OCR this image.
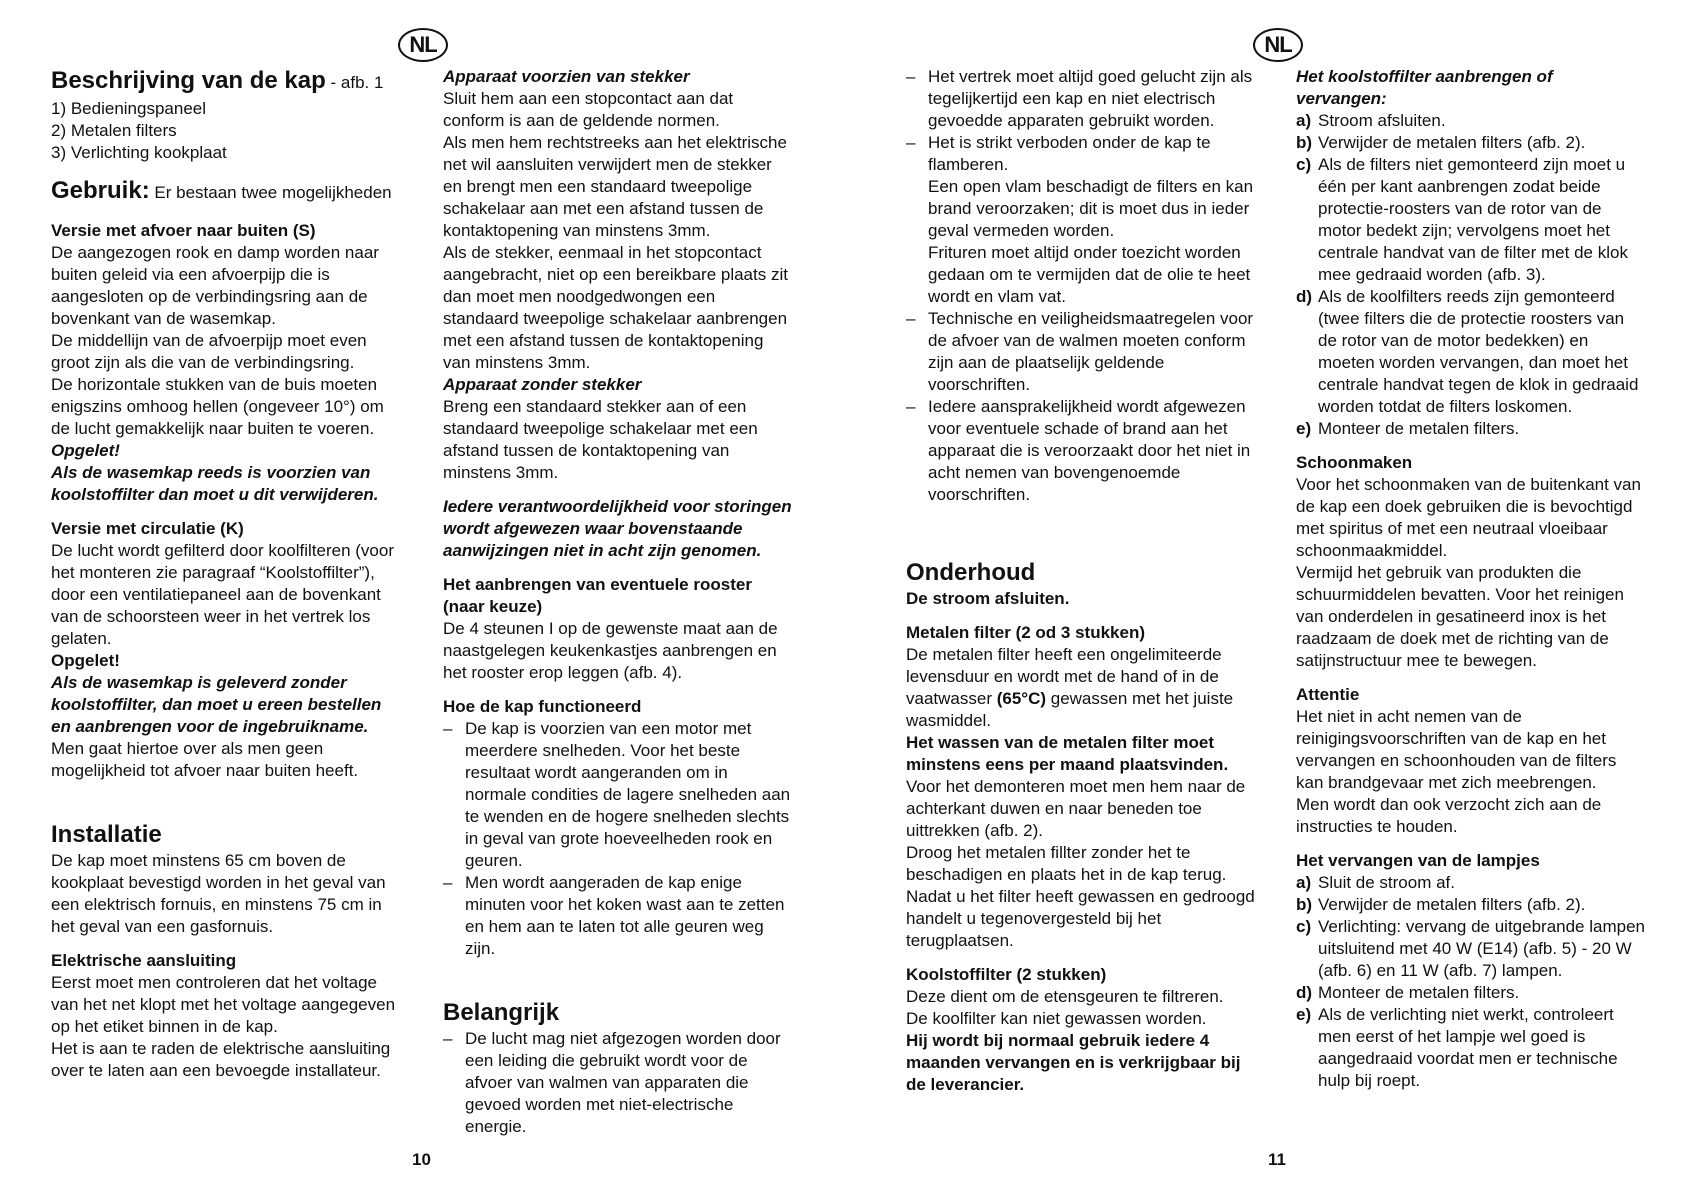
NL

Beschrijving van de kap - afb. 1

1) Bedieningspaneel

2) Metalen filters

3) Verlichting kookplaat

Gebruik: Er bestaan twee mogelijkheden

Versie met afvoer naar buiten (S)

De aangezogen rook en damp worden naar buiten geleid via een afvoerpijp die is aangesloten op de verbindingsring aan de bovenkant van de wasemkap.

De middellijn van de afvoerpijp moet even groot zijn als die van de verbindingsring.

De horizontale stukken van de buis moeten enigszins omhoog hellen (ongeveer 10°) om de lucht gemakkelijk naar buiten te voeren.

Opgelet!

Als de wasemkap reeds is voorzien van koolstoffilter dan moet u dit verwijderen.

Versie met circulatie (K)

De lucht wordt gefilterd door koolfilteren (voor het monteren zie paragraaf “Koolstoffilter”), door een ventilatiepaneel aan de bovenkant van de schoorsteen weer in het vertrek los gelaten.

Opgelet!

Als de wasemkap is geleverd zonder koolstoffilter, dan moet u ereen bestellen en aanbrengen voor de ingebruikname.

Men gaat hiertoe over als men geen mogelijkheid tot afvoer naar buiten heeft.

Installatie

De kap moet minstens 65 cm boven de kookplaat bevestigd worden in het geval van een elektrisch fornuis, en minstens 75 cm in het geval van een gasfornuis.

Elektrische aansluiting

Eerst moet men controleren dat het voltage van het net klopt met het voltage aangegeven op het etiket binnen in de kap.

Het is aan te raden de elektrische aansluiting over te laten aan een bevoegde installateur.

Apparaat voorzien van stekker

Sluit hem aan een stopcontact aan dat conform is aan de geldende normen.

Als men hem rechtstreeks aan het elektrische net wil aansluiten verwijdert men de stekker en brengt men een standaard tweepolige schakelaar aan met een afstand tussen de kontaktopening van minstens 3mm.

Als de stekker, eenmaal in het stopcontact aangebracht, niet op een bereikbare plaats zit dan moet men noodgedwongen een standaard tweepolige schakelaar aanbrengen met een afstand tussen de kontaktopening van minstens 3mm.

Apparaat zonder stekker

Breng een standaard stekker aan of een standaard tweepolige schakelaar met een afstand tussen de kontaktopening van minstens 3mm.

Iedere verantwoordelijkheid voor storingen wordt afgewezen waar bovenstaande aanwijzingen niet in acht zijn genomen.

Het aanbrengen van eventuele rooster (naar keuze)

De 4 steunen I op de gewenste maat aan de naastgelegen keukenkastjes aanbrengen en het rooster erop leggen (afb. 4).

Hoe de kap functioneerd

– De kap is voorzien van een motor met meerdere snelheden. Voor het beste resultaat wordt aangeranden om in normale condities de lagere snelheden aan te wenden en de hogere snelheden slechts in geval van grote hoeveelheden rook en geuren.
– Men wordt aangeraden de kap enige minuten voor het koken wast aan te zetten en hem aan te laten tot alle geuren weg zijn.

Belangrijk

– De lucht mag niet afgezogen worden door een leiding die gebruikt wordt voor de afvoer van walmen van apparaten die gevoed worden met niet-electrische energie.
10
NL
– Het vertrek moet altijd goed gelucht zijn als tegelijkertijd een kap en niet electrisch gevoedde apparaten gebruikt worden.
– Het is strikt verboden onder de kap te flamberen.

Een open vlam beschadigt de filters en kan brand veroorzaken; dit is moet dus in ieder geval vermeden worden.

Frituren moet altijd onder toezicht worden gedaan om te vermijden dat de olie te heet wordt en vlam vat.

– Technische en veiligheidsmaatregelen voor de afvoer van de walmen moeten conform zijn aan de plaatselijk geldende voorschriften.
– Iedere aansprakelijkheid wordt afgewezen voor eventuele schade of brand aan het apparaat die is veroorzaakt door het niet in acht nemen van bovengenoemde voorschriften.

Onderhoud

De stroom afsluiten.

Metalen filter (2 od 3 stukken)

De metalen filter heeft een ongelimiteerde levensduur en wordt met de hand of in de vaatwasser (65°C) gewassen met het juiste wasmiddel.

Het wassen van de metalen filter moet minstens eens per maand plaatsvinden.

Voor het demonteren moet men hem naar de achterkant duwen en naar beneden toe uittrekken (afb. 2).

Droog het metalen fillter zonder het te beschadigen en plaats het in de kap terug.

Nadat u het filter heeft gewassen en gedroogd handelt u tegenovergesteld bij het terugplaatsen.

Koolstoffilter (2 stukken)

Deze dient om de etensgeuren te filtreren.

De koolfilter kan niet gewassen worden.

Hij wordt bij normaal gebruik iedere 4 maanden vervangen en is verkrijgbaar bij de leverancier.

Het koolstoffilter aanbrengen of vervangen:

a) Stroom afsluiten.
b) Verwijder de metalen filters (afb. 2).
c) Als de filters niet gemonteerd zijn moet u één per kant aanbrengen zodat beide protectie-roosters van de rotor van de motor bedekt zijn; vervolgens moet het centrale handvat van de filter met de klok mee gedraaid worden (afb. 3).
d) Als de koolfilters reeds zijn gemonteerd (twee filters die de protectie roosters van de rotor van de motor bedekken) en moeten worden vervangen, dan moet het centrale handvat tegen de klok in gedraaid worden totdat de filters loskomen.
e) Monteer de metalen filters.

Schoonmaken

Voor het schoonmaken van de buitenkant van de kap een doek gebruiken die is bevochtigd met spiritus of met een neutraal vloeibaar schoonmaakmiddel.

Vermijd het gebruik van produkten die schuurmiddelen bevatten. Voor het reinigen van onderdelen in gesatineerd inox is het raadzaam de doek met de richting van de satijnstructuur mee te bewegen.

Attentie

Het niet in acht nemen van de reinigingsvoorschriften van de kap en het vervangen en schoonhouden van de filters kan brandgevaar met zich meebrengen.

Men wordt dan ook verzocht zich aan de instructies te houden.

Het vervangen van de lampjes

a) Sluit de stroom af.
b) Verwijder de metalen filters (afb. 2).
c) Verlichting: vervang de uitgebrande lampen uitsluitend met 40 W (E14) (afb. 5) - 20 W (afb. 6) en 11 W (afb. 7) lampen.
d) Monteer de metalen filters.
e) Als de verlichting niet werkt, controleert men eerst of het lampje wel goed is aangedraaid voordat men er technische hulp bij roept.
11
